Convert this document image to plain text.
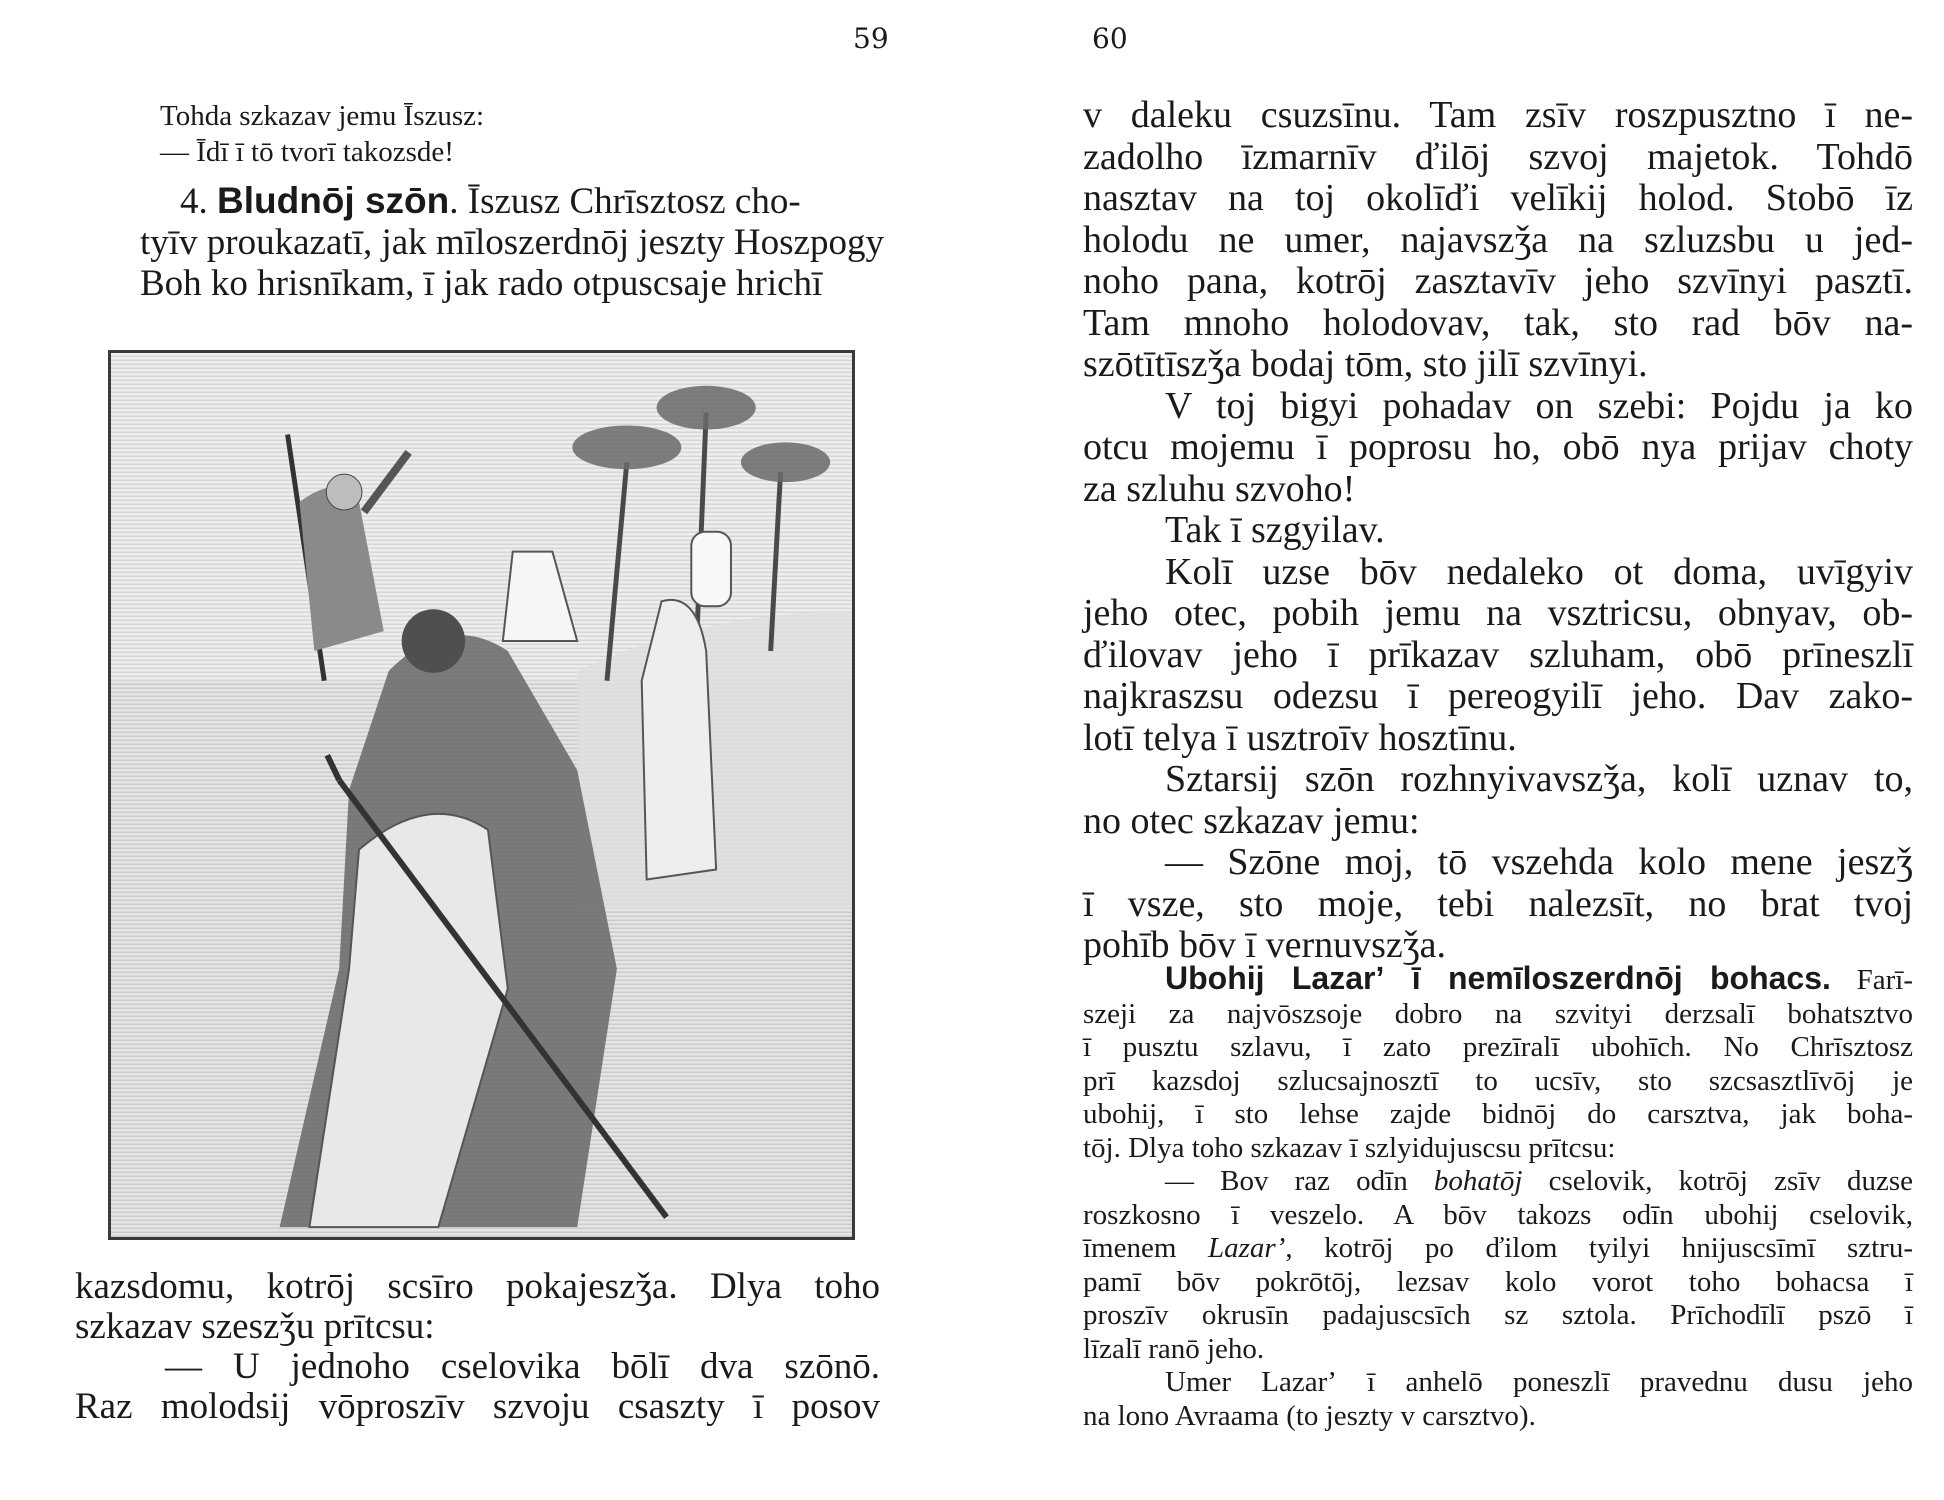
59	60

Tohda szkazav jemu Īszusz:

— Īdī ī tō tvorī takozsde!

4. Bludnōj szōn. Īszusz Chrīsztosz cho-

tyīv proukazatī, jak mīloszerdnōj jeszty Hoszpogy

Boh ko hrisnīkam, ī jak rado otpuscsaje hrichī

kazsdomu, kotrōj scsīro pokajeszǯa. Dlya toho

szkazav szeszǯu prītcsu:

— U jednoho cselovika bōlī dva szōnō.

Raz molodsij vōproszīv szvoju csaszty ī posov

v daleku csuzsīnu. Tam zsīv roszpusztno ī ne-

zadolho īzmarnīv ďilōj szvoj majetok. Tohdō

nasztav na toj okolīďi velīkij holod. Stobō īz

holodu ne umer, najavszǯa na szluzsbu u jed-

noho pana, kotrōj zasztavīv jeho szvīnyi pasztī.

Tam mnoho holodovav, tak, sto rad bōv na-

szōtītīszǯa bodaj tōm, sto jilī szvīnyi.

V toj bigyi pohadav on szebi: Pojdu ja ko

otcu mojemu ī poprosu ho, obō nya prijav choty

za szluhu szvoho!

Tak ī szgyilav.

Kolī uzse bōv nedaleko ot doma, uvīgyiv

jeho otec, pobih jemu na vsztricsu, obnyav, ob-

ďilovav jeho ī prīkazav szluham, obō prīneszlī

najkraszsu odezsu ī pereogyilī jeho. Dav zako-

lotī telya ī usztroīv hosztīnu.

Sztarsij szōn rozhnyivavszǯa, kolī uznav to,

no otec szkazav jemu:

— Szōne moj, tō vszehda kolo mene jeszǯ

ī vsze, sto moje, tebi nalezsīt, no brat tvoj

pohīb bōv ī vernuvszǯa.

Ubohij Lazarʼ ī nemīloszerdnōj bohacs. Farī-

szeji za najvōszsoje dobro na szvityi derzsalī bohatsztvo

ī pusztu szlavu, ī zato prezīralī ubohīch. No Chrīsztosz

prī kazsdoj szlucsajnosztī to ucsīv, sto szcsasztlīvōj je

ubohij, ī sto lehse zajde bidnōj do carsztva, jak boha-

tōj. Dlya toho szkazav ī szlyidujuscsu prītcsu:

— Bov raz odīn bohatōj cselovik, kotrōj zsīv duzse

roszkosno ī veszelo. A bōv takozs odīn ubohij cselovik,

īmenem Lazarʼ, kotrōj po ďilom tyilyi hnijuscsīmī sztru-

pamī bōv pokrōtōj, lezsav kolo vorot toho bohacsa ī

proszīv okrusīn padajuscsīch sz sztola. Prīchodīlī pszō ī

līzalī ranō jeho.

Umer Lazarʼ ī anhelō poneszlī pravednu dusu jeho

na lono Avraama (to jeszty v carsztvo).
